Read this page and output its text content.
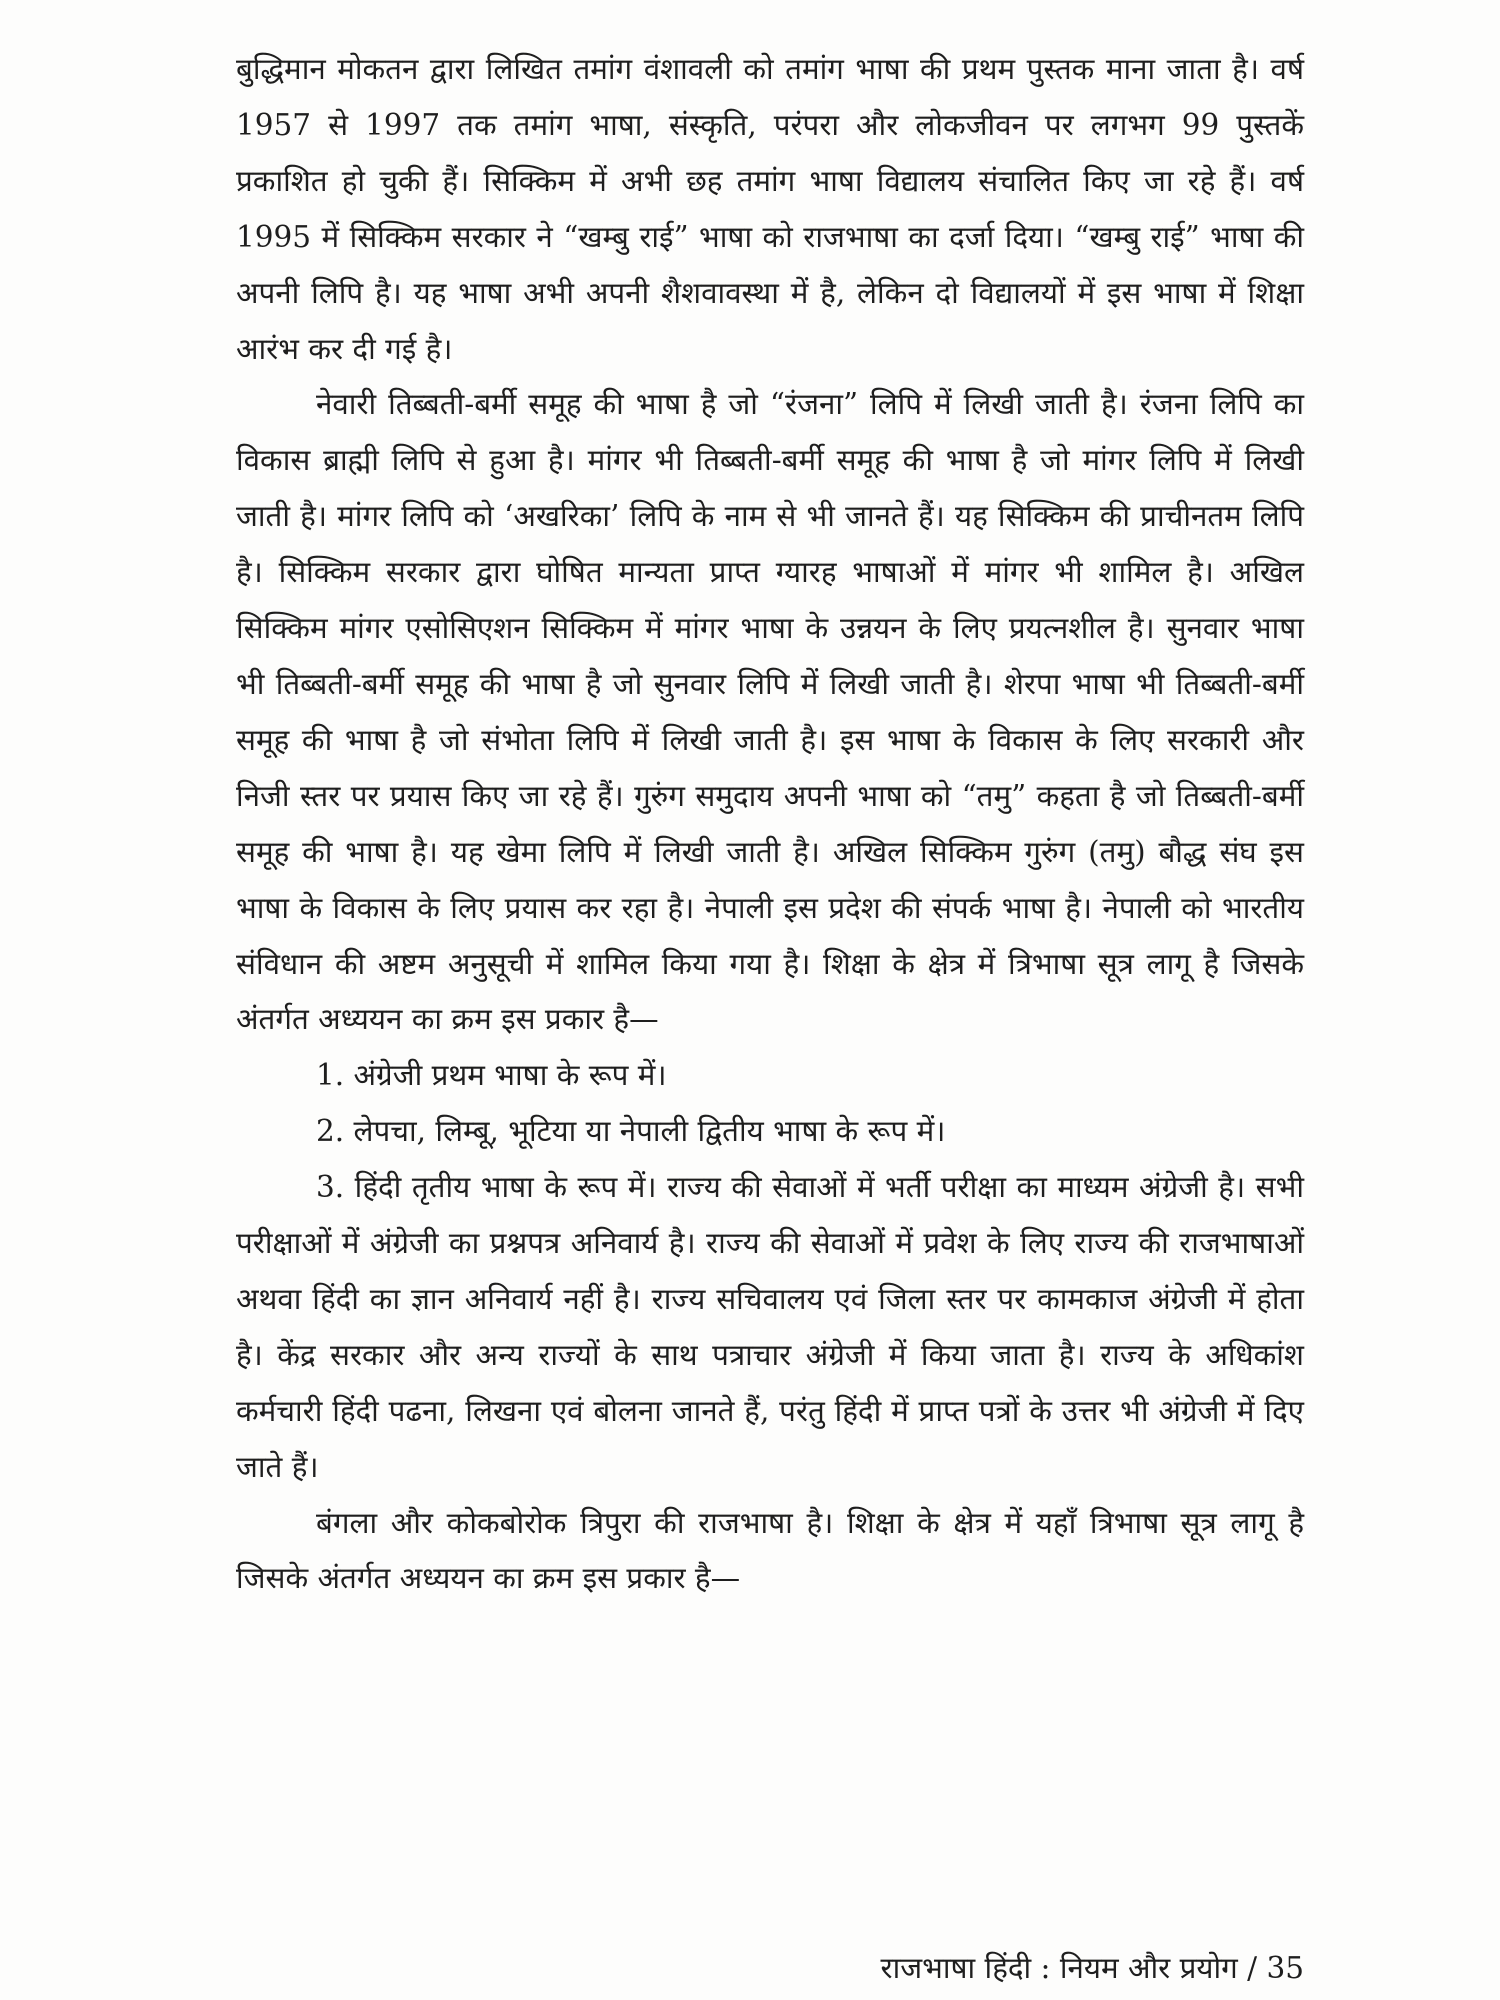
बुद्धिमान मोकतन द्वारा लिखित तमांग वंशावली को तमांग भाषा की प्रथम पुस्तक माना जाता है। वर्ष 1957 से 1997 तक तमांग भाषा, संस्कृति, परंपरा और लोकजीवन पर लगभग 99 पुस्तकें प्रकाशित हो चुकी हैं। सिक्किम में अभी छह तमांग भाषा विद्यालय संचालित किए जा रहे हैं। वर्ष 1995 में सिक्किम सरकार ने “खम्बु राई” भाषा को राजभाषा का दर्जा दिया। “खम्बु राई” भाषा की अपनी लिपि है। यह भाषा अभी अपनी शैशवावस्था में है, लेकिन दो विद्यालयों में इस भाषा में शिक्षा आरंभ कर दी गई है।

नेवारी तिब्बती-बर्मी समूह की भाषा है जो “रंजना” लिपि में लिखी जाती है। रंजना लिपि का विकास ब्राह्मी लिपि से हुआ है। मांगर भी तिब्बती-बर्मी समूह की भाषा है जो मांगर लिपि में लिखी जाती है। मांगर लिपि को ‘अखरिका’ लिपि के नाम से भी जानते हैं। यह सिक्किम की प्राचीनतम लिपि है। सिक्किम सरकार द्वारा घोषित मान्यता प्राप्त ग्यारह भाषाओं में मांगर भी शामिल है। अखिल सिक्किम मांगर एसोसिएशन सिक्किम में मांगर भाषा के उन्नयन के लिए प्रयत्नशील है। सुनवार भाषा भी तिब्बती-बर्मी समूह की भाषा है जो सुनवार लिपि में लिखी जाती है। शेरपा भाषा भी तिब्बती-बर्मी समूह की भाषा है जो संभोता लिपि में लिखी जाती है। इस भाषा के विकास के लिए सरकारी और निजी स्तर पर प्रयास किए जा रहे हैं। गुरुंग समुदाय अपनी भाषा को “तमु” कहता है जो तिब्बती-बर्मी समूह की भाषा है। यह खेमा लिपि में लिखी जाती है। अखिल सिक्किम गुरुंग (तमु) बौद्ध संघ इस भाषा के विकास के लिए प्रयास कर रहा है। नेपाली इस प्रदेश की संपर्क भाषा है। नेपाली को भारतीय संविधान की अष्टम अनुसूची में शामिल किया गया है। शिक्षा के क्षेत्र में त्रिभाषा सूत्र लागू है जिसके अंतर्गत अध्ययन का क्रम इस प्रकार है—

1. अंग्रेजी प्रथम भाषा के रूप में।

2. लेपचा, लिम्बू, भूटिया या नेपाली द्वितीय भाषा के रूप में।

3. हिंदी तृतीय भाषा के रूप में। राज्य की सेवाओं में भर्ती परीक्षा का माध्यम अंग्रेजी है। सभी परीक्षाओं में अंग्रेजी का प्रश्नपत्र अनिवार्य है। राज्य की सेवाओं में प्रवेश के लिए राज्य की राजभाषाओं अथवा हिंदी का ज्ञान अनिवार्य नहीं है। राज्य सचिवालय एवं जिला स्तर पर कामकाज अंग्रेजी में होता है। केंद्र सरकार और अन्य राज्यों के साथ पत्राचार अंग्रेजी में किया जाता है। राज्य के अधिकांश कर्मचारी हिंदी पढना, लिखना एवं बोलना जानते हैं, परंतु हिंदी में प्राप्त पत्रों के उत्तर भी अंग्रेजी में दिए जाते हैं।

बंगला और कोकबोरोक त्रिपुरा की राजभाषा है। शिक्षा के क्षेत्र में यहाँ त्रिभाषा सूत्र लागू है जिसके अंतर्गत अध्ययन का क्रम इस प्रकार है—

राजभाषा हिंदी : नियम और प्रयोग / 35
